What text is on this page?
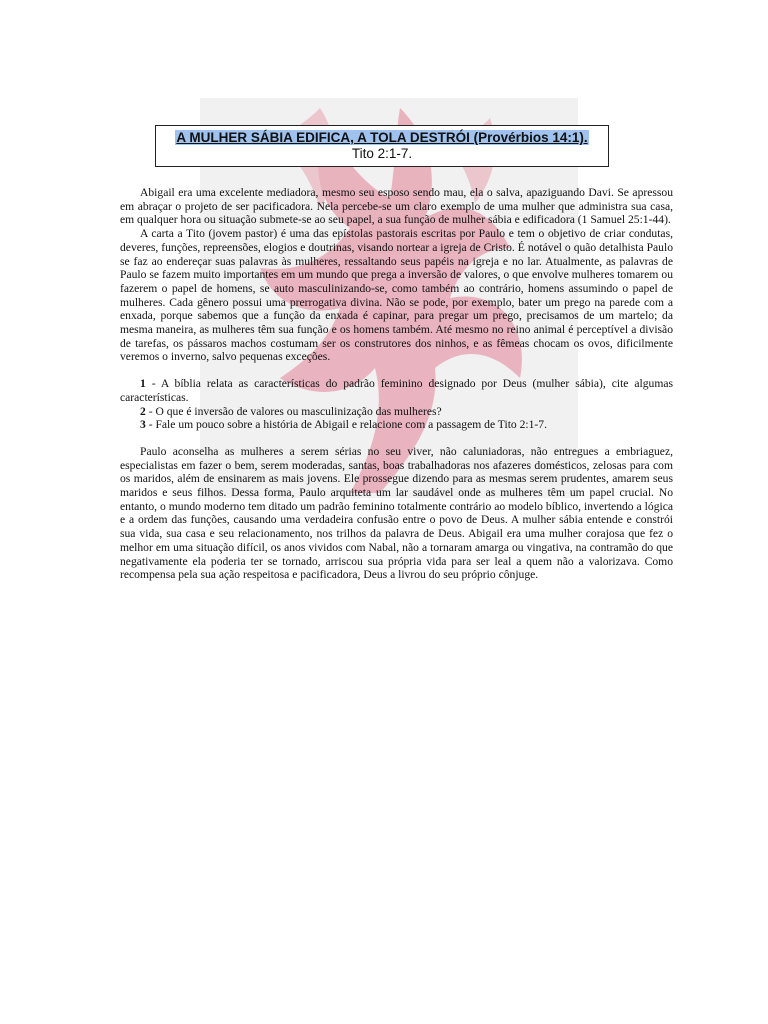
A MULHER SÁBIA EDIFICA, A TOLA DESTRÓI (Provérbios 14:1).
Tito 2:1-7.

Abigail era uma excelente mediadora, mesmo seu esposo sendo mau, ela o salva, apaziguando Davi. Se apressou em abraçar o projeto de ser pacificadora. Nela percebe-se um claro exemplo de uma mulher que administra sua casa, em qualquer hora ou situação submete-se ao seu papel, a sua função de mulher sábia e edificadora (1 Samuel 25:1-44).

A carta a Tito (jovem pastor) é uma das epístolas pastorais escritas por Paulo e tem o objetivo de criar condutas, deveres, funções, repreensões, elogios e doutrinas, visando nortear a igreja de Cristo. É notável o quão detalhista Paulo se faz ao endereçar suas palavras às mulheres, ressaltando seus papéis na igreja e no lar. Atualmente, as palavras de Paulo se fazem muito importantes em um mundo que prega a inversão de valores, o que envolve mulheres tomarem ou fazerem o papel de homens, se auto masculinizando-se, como também ao contrário, homens assumindo o papel de mulheres. Cada gênero possui uma prerrogativa divina. Não se pode, por exemplo, bater um prego na parede com a enxada, porque sabemos que a função da enxada é capinar, para pregar um prego, precisamos de um martelo; da mesma maneira, as mulheres têm sua função e os homens também. Até mesmo no reino animal é perceptível a divisão de tarefas, os pássaros machos costumam ser os construtores dos ninhos, e as fêmeas chocam os ovos, dificilmente veremos o inverno, salvo pequenas exceções.

1 - A bíblia relata as características do padrão feminino designado por Deus (mulher sábia), cite algumas características.

2 - O que é inversão de valores ou masculinização das mulheres?

3 - Fale um pouco sobre a história de Abigail e relacione com a passagem de Tito 2:1-7.

Paulo aconselha as mulheres a serem sérias no seu viver, não caluniadoras, não entregues a embriaguez, especialistas em fazer o bem, serem moderadas, santas, boas trabalhadoras nos afazeres domésticos, zelosas para com os maridos, além de ensinarem as mais jovens. Ele prossegue dizendo para as mesmas serem prudentes, amarem seus maridos e seus filhos. Dessa forma, Paulo arquiteta um lar saudável onde as mulheres têm um papel crucial. No entanto, o mundo moderno tem ditado um padrão feminino totalmente contrário ao modelo bíblico, invertendo a lógica e a ordem das funções, causando uma verdadeira confusão entre o povo de Deus. A mulher sábia entende e constrói sua vida, sua casa e seu relacionamento, nos trilhos da palavra de Deus. Abigail era uma mulher corajosa que fez o melhor em uma situação difícil, os anos vividos com Nabal, não a tornaram amarga ou vingativa, na contramão do que negativamente ela poderia ter se tornado, arriscou sua própria vida para ser leal a quem não a valorizava. Como recompensa pela sua ação respeitosa e pacificadora, Deus a livrou do seu próprio cônjuge.
